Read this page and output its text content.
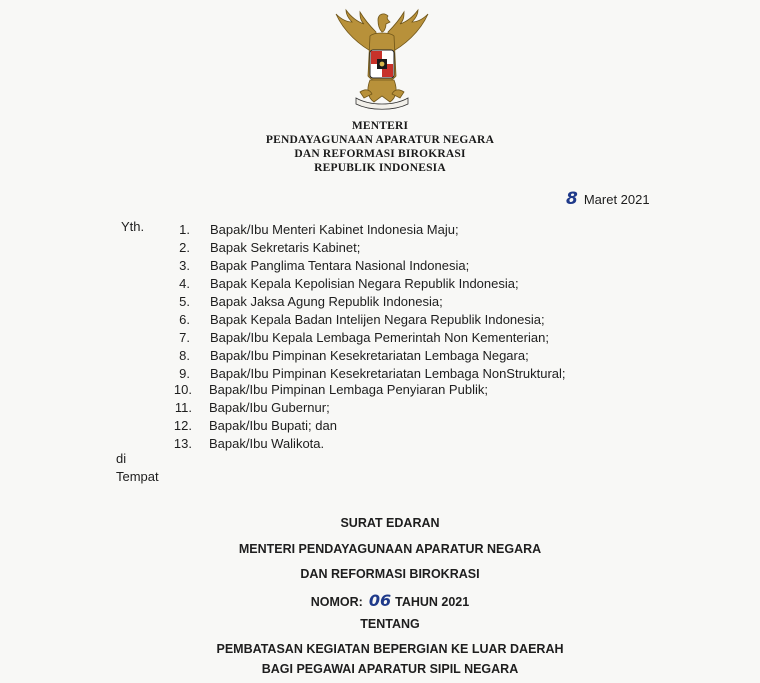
MENTERI
PENDAYAGUNAAN APARATUR NEGARA
DAN REFORMASI BIROKRASI
REPUBLIK INDONESIA
8 Maret 2021
Yth.	1. Bapak/Ibu Menteri Kabinet Indonesia Maju;
2. Bapak Sekretaris Kabinet;
3. Bapak Panglima Tentara Nasional Indonesia;
4. Bapak Kepala Kepolisian Negara Republik Indonesia;
5. Bapak Jaksa Agung Republik Indonesia;
6. Bapak Kepala Badan Intelijen Negara Republik Indonesia;
7. Bapak/Ibu Kepala Lembaga Pemerintah Non Kementerian;
8. Bapak/Ibu Pimpinan Kesekretariatan Lembaga Negara;
9. Bapak/Ibu Pimpinan Kesekretariatan Lembaga NonStruktural;
10. Bapak/Ibu Pimpinan Lembaga Penyiaran Publik;
11. Bapak/Ibu Gubernur;
12. Bapak/Ibu Bupati; dan
13. Bapak/Ibu Walikota.
di
Tempat
SURAT EDARAN
MENTERI PENDAYAGUNAAN APARATUR NEGARA
DAN REFORMASI BIROKRASI
NOMOR: 06 TAHUN 2021
TENTANG
PEMBATASAN KEGIATAN BEPERGIAN KE LUAR DAERAH
BAGI PEGAWAI APARATUR SIPIL NEGARA
